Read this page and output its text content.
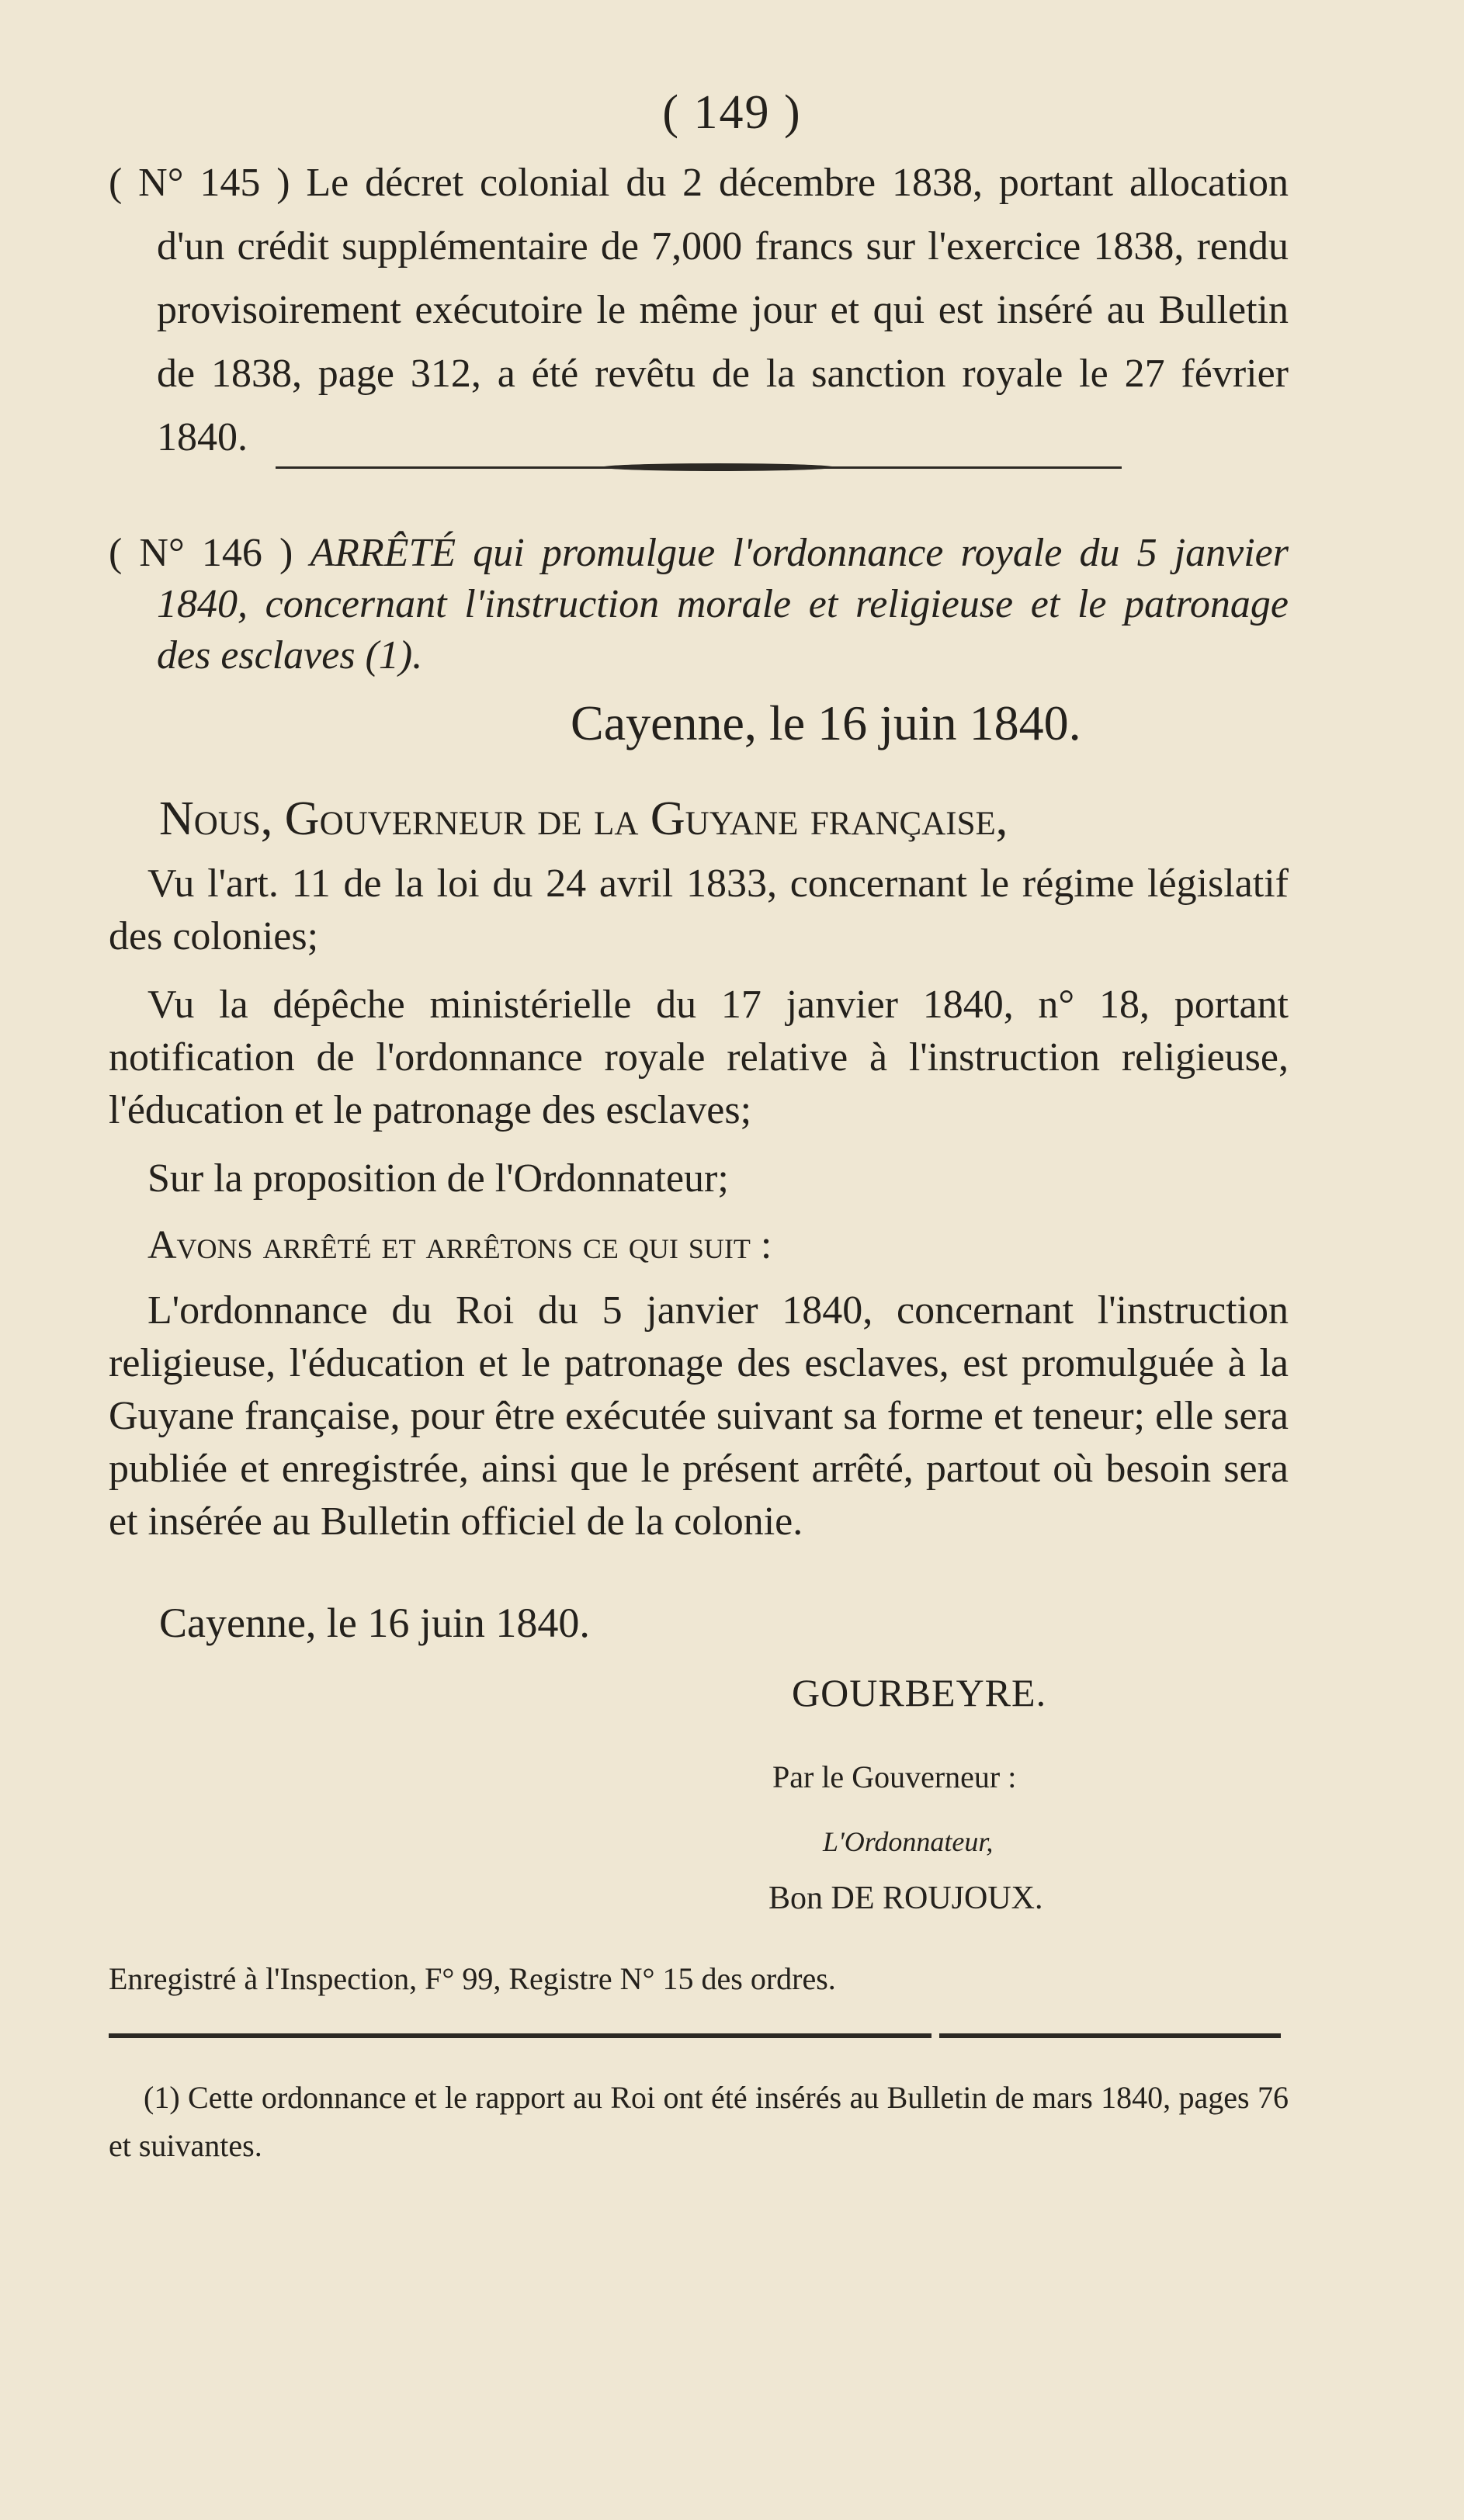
( 149 )
( N° 145 ) Le décret colonial du 2 décembre 1838, portant allocation d'un crédit supplémentaire de 7,000 francs sur l'exercice 1838, rendu provisoirement exécutoire le même jour et qui est inséré au Bulletin de 1838, page 312, a été revêtu de la sanction royale le 27 février 1840.
( N° 146 ) ARRÊTÉ qui promulgue l'ordonnance royale du 5 janvier 1840, concernant l'instruction morale et religieuse et le patronage des esclaves (1).
Cayenne, le 16 juin 1840.
Nous, Gouverneur de la Guyane française,
Vu l'art. 11 de la loi du 24 avril 1833, concernant le régime législatif des colonies;
Vu la dépêche ministérielle du 17 janvier 1840, n° 18, portant notification de l'ordonnance royale relative à l'instruction religieuse, l'éducation et le patronage des esclaves;
Sur la proposition de l'Ordonnateur;
Avons arrêté et arrêtons ce qui suit :
L'ordonnance du Roi du 5 janvier 1840, concernant l'instruction religieuse, l'éducation et le patronage des esclaves, est promulguée à la Guyane française, pour être exécutée suivant sa forme et teneur; elle sera publiée et enregistrée, ainsi que le présent arrêté, partout où besoin sera et insérée au Bulletin officiel de la colonie.
Cayenne, le 16 juin 1840.
GOURBEYRE.
Par le Gouverneur :
L'Ordonnateur,
Bon DE ROUJOUX.
Enregistré à l'Inspection, F° 99, Registre N° 15 des ordres.
(1) Cette ordonnance et le rapport au Roi ont été insérés au Bulletin de mars 1840, pages 76 et suivantes.
